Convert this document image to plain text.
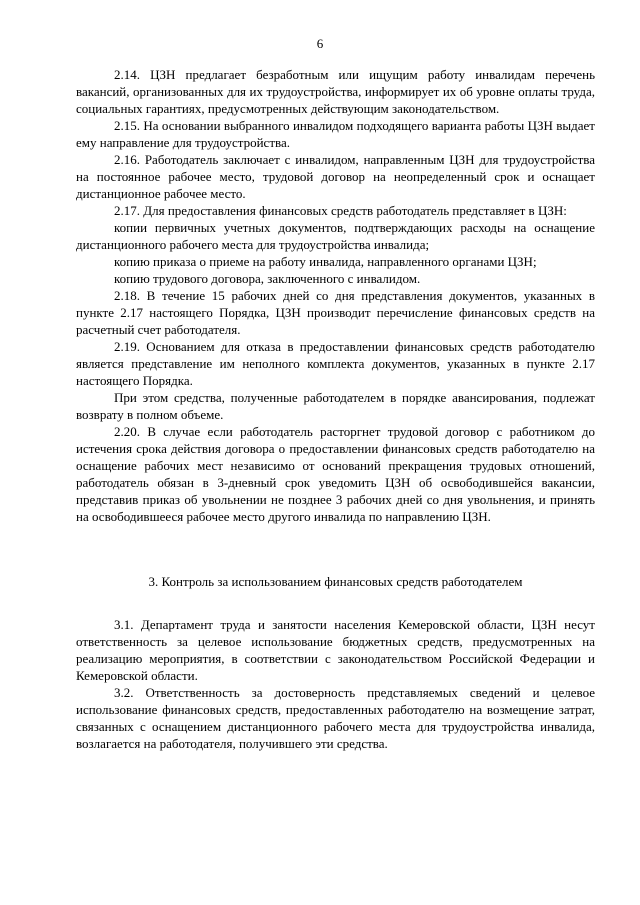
6

2.14. ЦЗН предлагает безработным или ищущим работу инвалидам перечень вакансий, организованных для их трудоустройства, информирует их об уровне оплаты труда, социальных гарантиях, предусмотренных действующим законодательством.

2.15. На основании выбранного инвалидом подходящего варианта работы ЦЗН выдает ему направление для трудоустройства.

2.16. Работодатель заключает с инвалидом, направленным ЦЗН для трудоустройства на постоянное рабочее место, трудовой договор на неопределенный срок и оснащает дистанционное рабочее место.

2.17. Для предоставления финансовых средств работодатель представляет в ЦЗН:

копии первичных учетных документов, подтверждающих расходы на оснащение дистанционного рабочего места для трудоустройства инвалида;

копию приказа о приеме на работу инвалида, направленного органами ЦЗН;

копию трудового договора, заключенного с инвалидом.

2.18. В течение 15 рабочих дней со дня представления документов, указанных в пункте 2.17 настоящего Порядка, ЦЗН производит перечисление финансовых средств на расчетный счет работодателя.

2.19. Основанием для отказа в предоставлении финансовых средств работодателю является представление им неполного комплекта документов, указанных в пункте 2.17 настоящего Порядка.

При этом средства, полученные работодателем в порядке авансирования, подлежат возврату в полном объеме.

2.20. В случае если работодатель расторгнет трудовой договор с работником до истечения срока действия договора о предоставлении финансовых средств работодателю на оснащение рабочих мест независимо от оснований прекращения трудовых отношений, работодатель обязан в 3-дневный срок уведомить ЦЗН об освободившейся вакансии, представив приказ об увольнении не позднее 3 рабочих дней со дня увольнения, и принять на освободившееся рабочее место другого инвалида по направлению ЦЗН.

3. Контроль за использованием финансовых средств работодателем

3.1. Департамент труда и занятости населения Кемеровской области, ЦЗН несут ответственность за целевое использование бюджетных средств, предусмотренных на реализацию мероприятия, в соответствии с законодательством Российской Федерации и Кемеровской области.

3.2. Ответственность за достоверность представляемых сведений и целевое использование финансовых средств, предоставленных работодателю на возмещение затрат, связанных с оснащением дистанционного рабочего места для трудоустройства инвалида, возлагается на работодателя, получившего эти средства.
